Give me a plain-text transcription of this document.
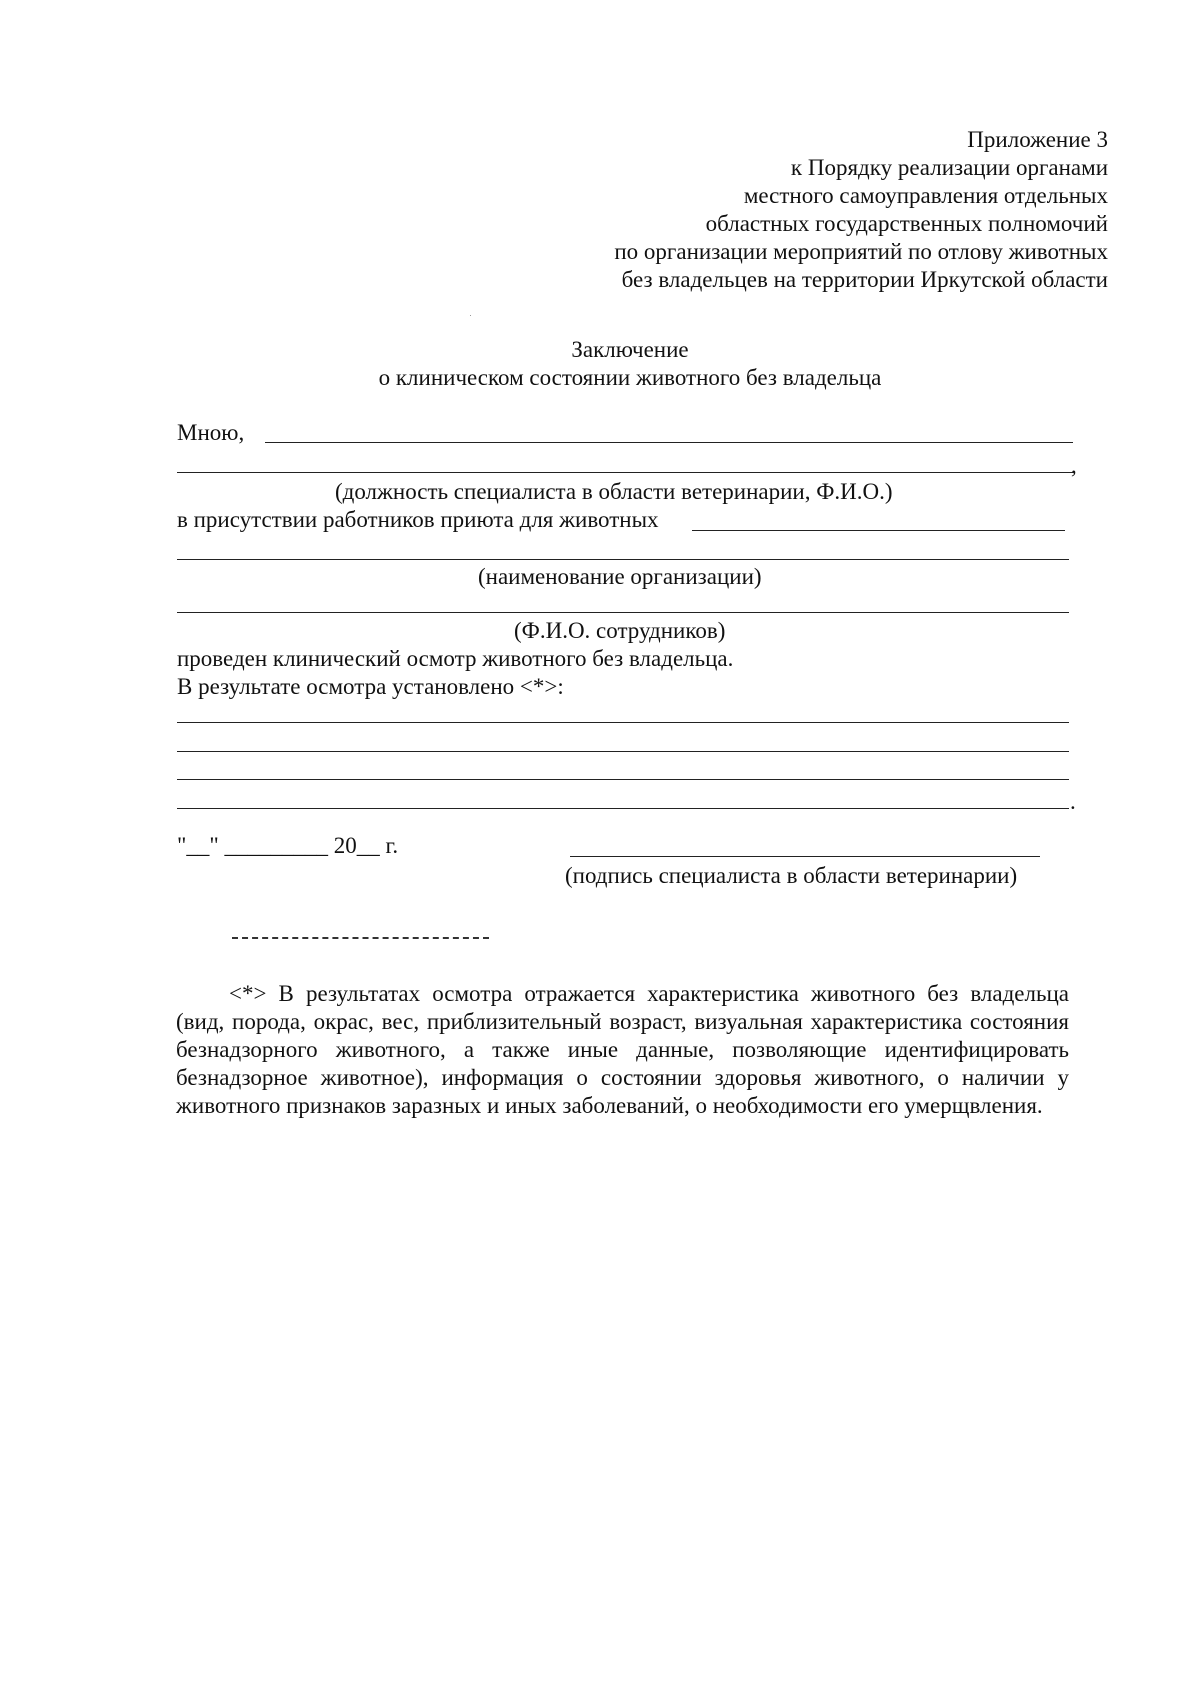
Приложение 3
к Порядку реализации органами
местного самоуправления отдельных
областных государственных полномочий
по организации мероприятий по отлову животных
без владельцев на территории Иркутской области
Заключение
о клиническом состоянии животного без владельца
Мною,
,
(должность специалиста в области ветеринарии, Ф.И.О.)
в присутствии работников приюта для животных
(наименование организации)
(Ф.И.О. сотрудников)
проведен клинический осмотр животного без владельца.
В результате осмотра установлено <*>:
.
"__" _________ 20__ г.
(подпись специалиста в области ветеринарии)
<*> В результатах осмотра отражается характеристика животного без владельца (вид, порода, окрас, вес, приблизительный возраст, визуальная характеристика состояния безнадзорного животного, а также иные данные, позволяющие идентифицировать безнадзорное животное), информация о состоянии здоровья животного, о наличии у животного признаков заразных и иных заболеваний, о необходимости его умерщвления.
